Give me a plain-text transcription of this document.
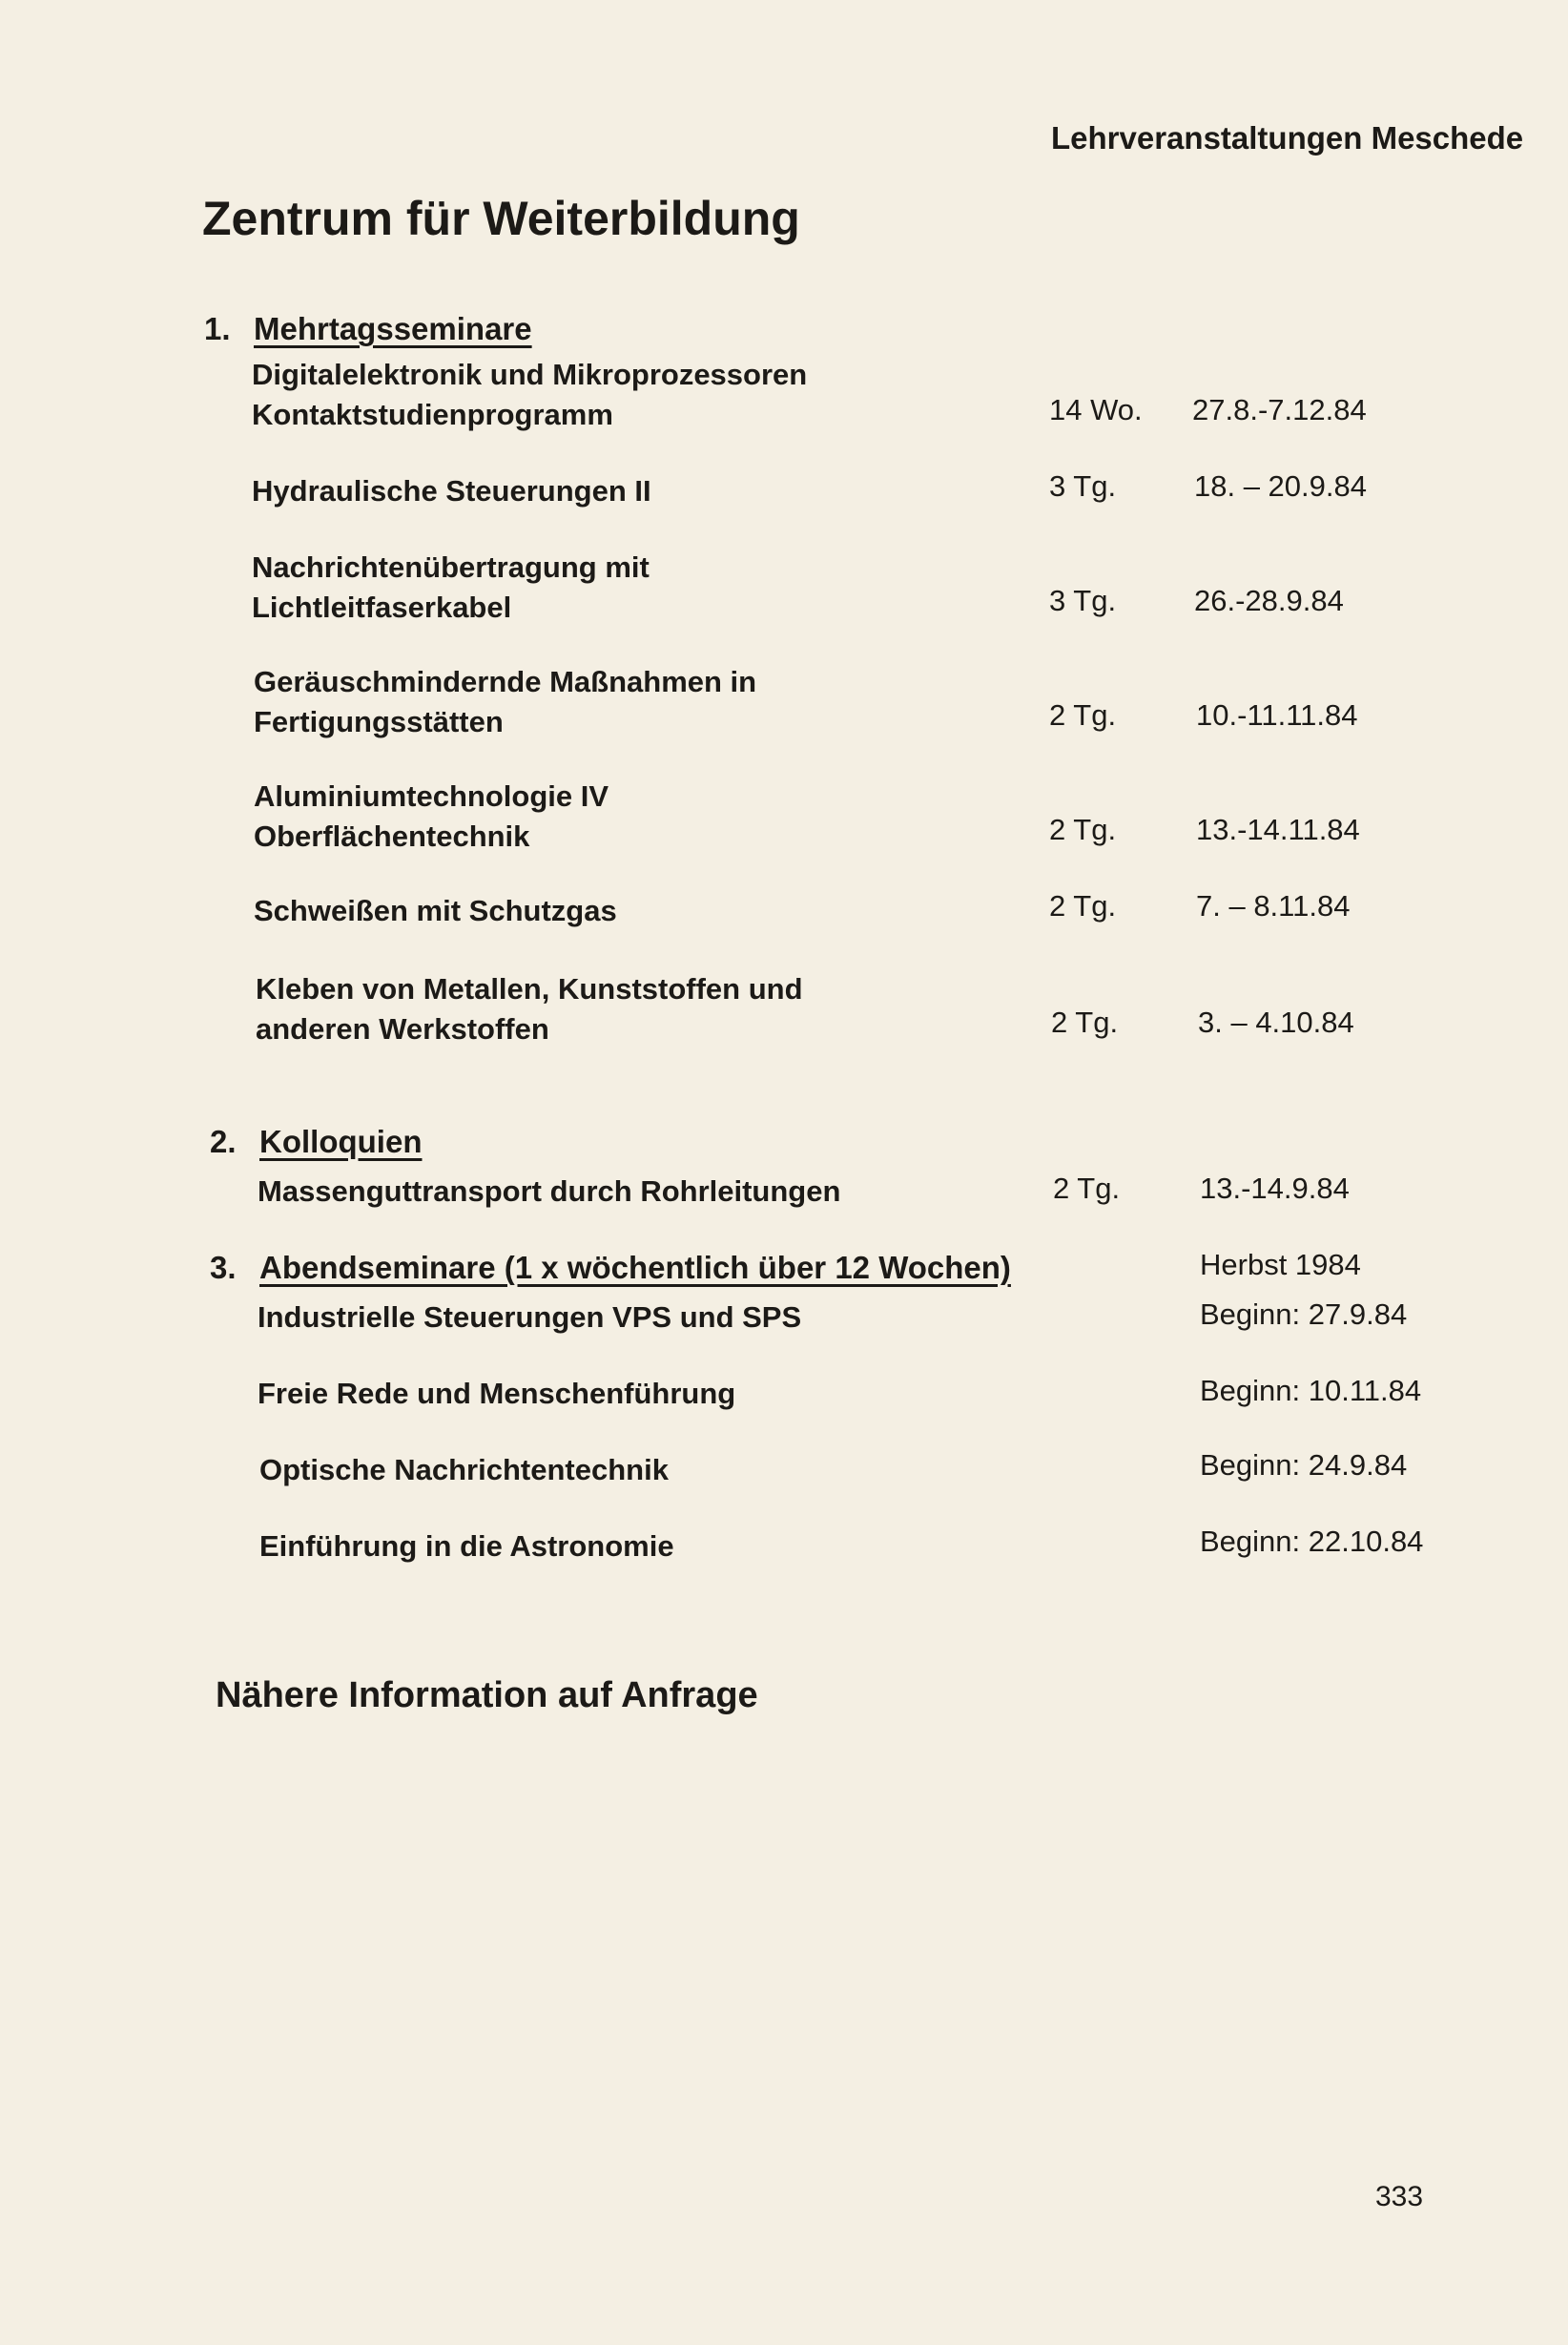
Lehrveranstaltungen Meschede
Zentrum für Weiterbildung
1. Mehrtagsseminare
Digitalelektronik und Mikroprozessoren
Kontaktstudienprogramm	14 Wo. 27.8.-7.12.84
Hydraulische Steuerungen II	3 Tg.	18. – 20.9.84
Nachrichtenübertragung mit
Lichtleitfaserkabel	3 Tg.	26.-28.9.84
Geräuschmindernde Maßnahmen in
Fertigungsstätten	2 Tg.	10.-11.11.84
Aluminiumtechnologie IV
Oberflächentechnik	2 Tg.	13.-14.11.84
Schweißen mit Schutzgas	2 Tg.	7. – 8.11.84
Kleben von Metallen, Kunststoffen und
anderen Werkstoffen	2 Tg.	3. – 4.10.84
2. Kolloquien
Massenguttransport durch Rohrleitungen	2 Tg.	13.-14.9.84
3. Abendseminare (1 x wöchentlich über 12 Wochen)	Herbst 1984
Industrielle Steuerungen VPS und SPS	Beginn: 27.9.84
Freie Rede und Menschenführung	Beginn: 10.11.84
Optische Nachrichtentechnik	Beginn: 24.9.84
Einführung in die Astronomie	Beginn: 22.10.84
Nähere Information auf Anfrage
333
